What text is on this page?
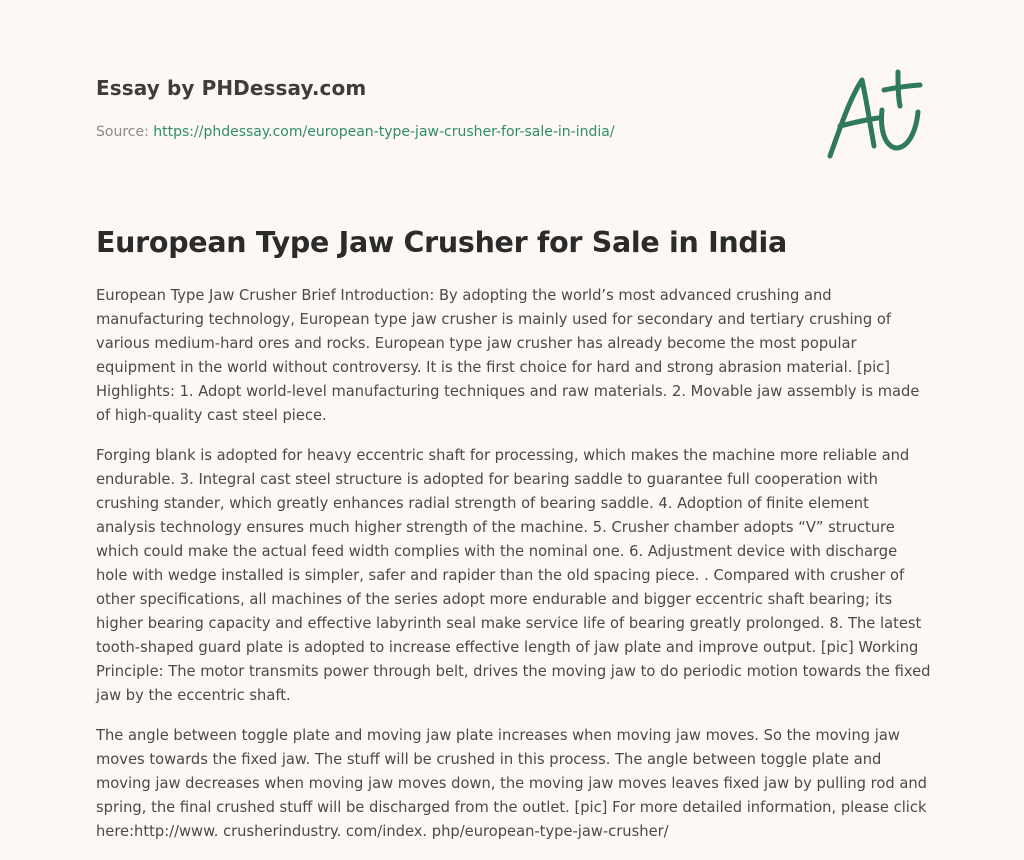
Essay by PHDessay.com
Source: https://phdessay.com/european-type-jaw-crusher-for-sale-in-india/
European Type Jaw Crusher for Sale in India

European Type Jaw Crusher Brief Introduction: By adopting the world’s most advanced crushing and manufacturing technology, European type jaw crusher is mainly used for secondary and tertiary crushing of various medium-hard ores and rocks. European type jaw crusher has already become the most popular equipment in the world without controversy. It is the first choice for hard and strong abrasion material. [pic] Highlights: 1. Adopt world-level manufacturing techniques and raw materials. 2. Movable jaw assembly is made of high-quality cast steel piece.

Forging blank is adopted for heavy eccentric shaft for processing, which makes the machine more reliable and endurable. 3. Integral cast steel structure is adopted for bearing saddle to guarantee full cooperation with crushing stander, which greatly enhances radial strength of bearing saddle. 4. Adoption of finite element analysis technology ensures much higher strength of the machine. 5. Crusher chamber adopts “V” structure which could make the actual feed width complies with the nominal one. 6. Adjustment device with discharge hole with wedge installed is simpler, safer and rapider than the old spacing piece. . Compared with crusher of other specifications, all machines of the series adopt more endurable and bigger eccentric shaft bearing; its higher bearing capacity and effective labyrinth seal make service life of bearing greatly prolonged. 8. The latest tooth-shaped guard plate is adopted to increase effective length of jaw plate and improve output. [pic] Working Principle: The motor transmits power through belt, drives the moving jaw to do periodic motion towards the fixed jaw by the eccentric shaft.

The angle between toggle plate and moving jaw plate increases when moving jaw moves. So the moving jaw moves towards the fixed jaw. The stuff will be crushed in this process. The angle between toggle plate and moving jaw decreases when moving jaw moves down, the moving jaw moves leaves fixed jaw by pulling rod and spring, the final crushed stuff will be discharged from the outlet. [pic] For more detailed information, please click here:http://www. crusherindustry. com/index. php/european-type-jaw-crusher/
